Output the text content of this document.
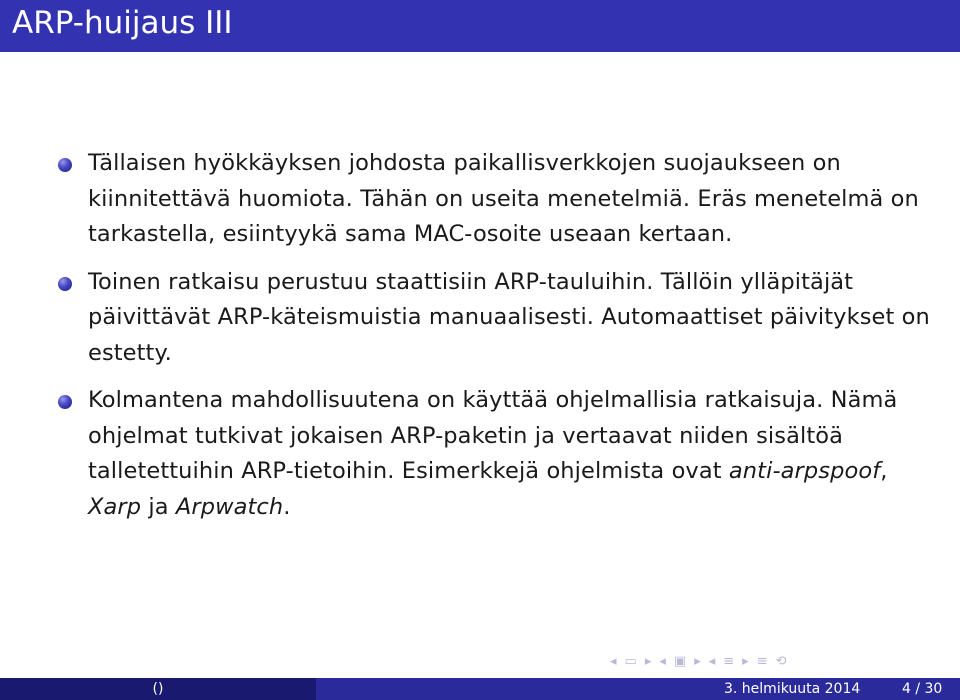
ARP-huijaus III
Tällaisen hyökkäyksen johdosta paikallisverkkojen suojaukseen on kiinnitettävä huomiota. Tähän on useita menetelmiä. Eräs menetelmä on tarkastella, esiintyykä sama MAC-osoite useaan kertaan.
Toinen ratkaisu perustuu staattisiin ARP-tauluihin. Tällöin ylläpitäjät päivittävät ARP-käteismuistia manuaalisesti. Automaattiset päivitykset on estetty.
Kolmantena mahdollisuutena on käyttää ohjelmallisia ratkaisuja. Nämä ohjelmat tutkivat jokaisen ARP-paketin ja vertaavat niiden sisältöä talletettuihin ARP-tietoihin. Esimerkkejä ohjelmista ovat anti-arpspoof, Xarp ja Arpwatch.
◂ ▭ ▸ ◂ ▣ ▸ ◂ ≡ ▸ ≡ ⟲
()	3. helmikuuta 2014	4 / 30
